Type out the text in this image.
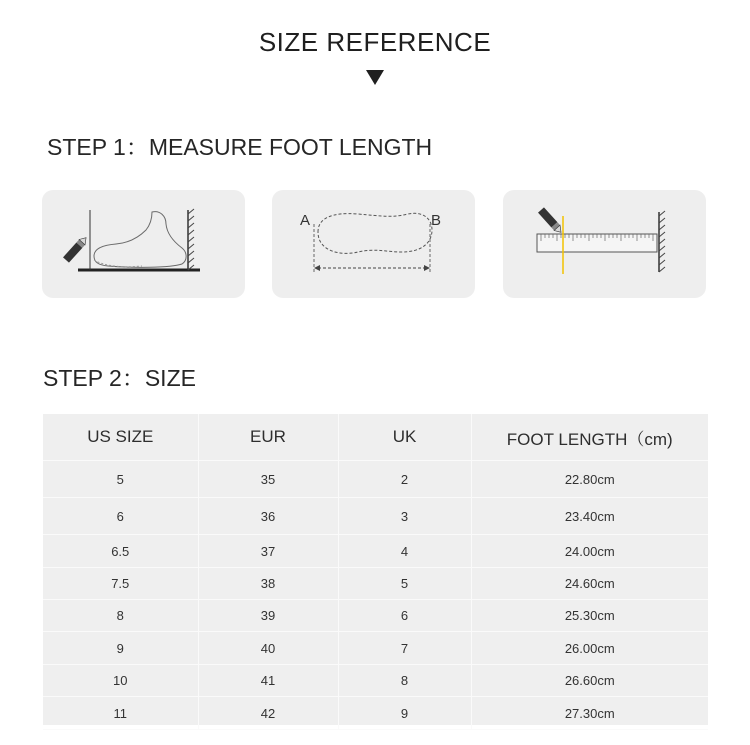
SIZE REFERENCE
STEP 1：MEASURE FOOT LENGTH
A	B
STEP 2：SIZE
US SIZE	EUR	UK	FOOT LENGTH（cm)
5	35	2	22.80cm
6	36	3	23.40cm
6.5	37	4	24.00cm
7.5	38	5	24.60cm
8	39	6	25.30cm
9	40	7	26.00cm
10	41	8	26.60cm
11	42	9	27.30cm
